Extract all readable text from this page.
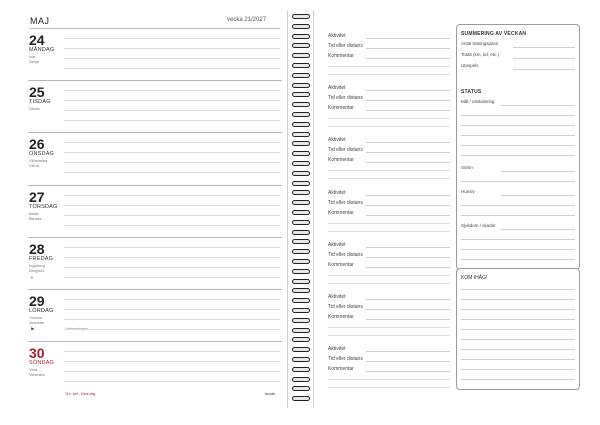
MAJ	vecka 21/2027
24
MÅNDAG
Ivar
Vanja
25
TISDAG
Urban
26
ONSDAG
Vilhelmina
Vilma
27
TORSDAG
Beda
Blenda
28
FREDAG
Ingeborg
Borghild
◑
29
LÖRDAG
Yvonne
Jeanette
⚑
30
SÖNDAG
Vera
Veronika
5 e. tref., Mors dag	burde
Aktivitet
Tid eller distans
Kommentar
Aktivitet
Tid eller distans
Kommentar
Aktivitet
Tid eller distans
Kommentar
Aktivitet
Tid eller distans
Kommentar
Aktivitet
Tid eller distans
Kommentar
Aktivitet
Tid eller distans
Kommentar
Aktivitet
Tid eller distans
Kommentar
SUMMERING AV VECKAN
Antal träningspass
Totalt (km, tid, etc.)
Utespels
STATUS
Mål / utvärdering
Sömn
Hunslv
Sjukdom / skador
KOM IHÅG!
